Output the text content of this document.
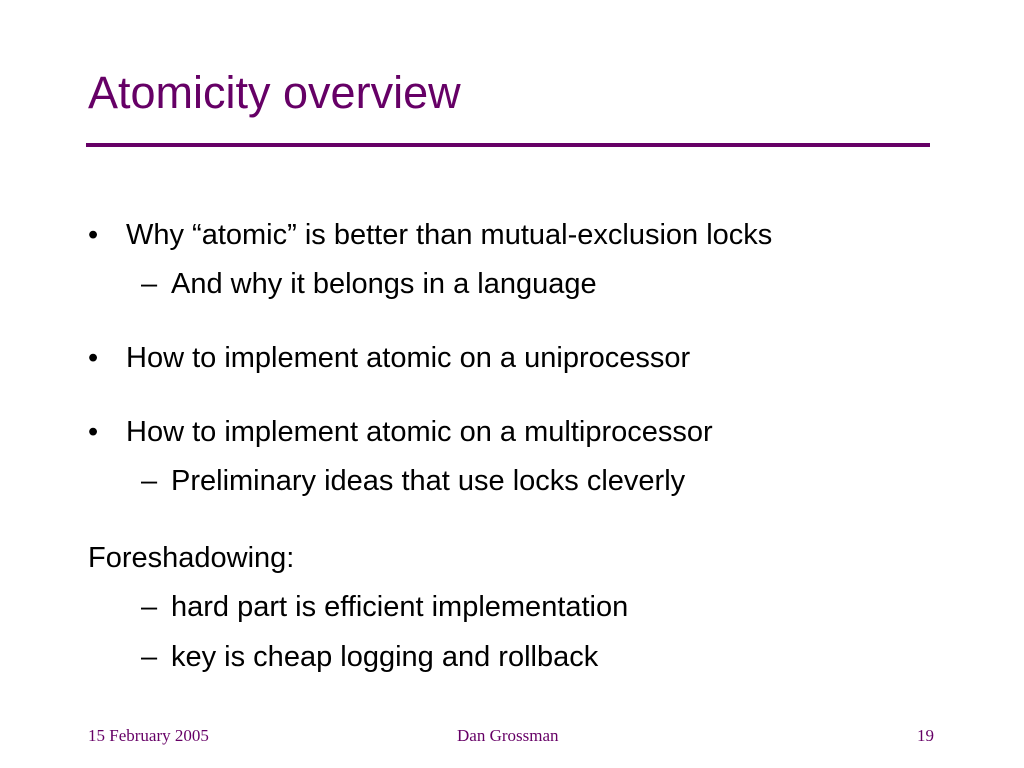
Atomicity overview
• Why “atomic” is better than mutual-exclusion locks
– And why it belongs in a language
• How to implement atomic on a uniprocessor
• How to implement atomic on a multiprocessor
– Preliminary ideas that use locks cleverly
Foreshadowing:
– hard part is efficient implementation
– key is cheap logging and rollback
15 February 2005	Dan Grossman	19
